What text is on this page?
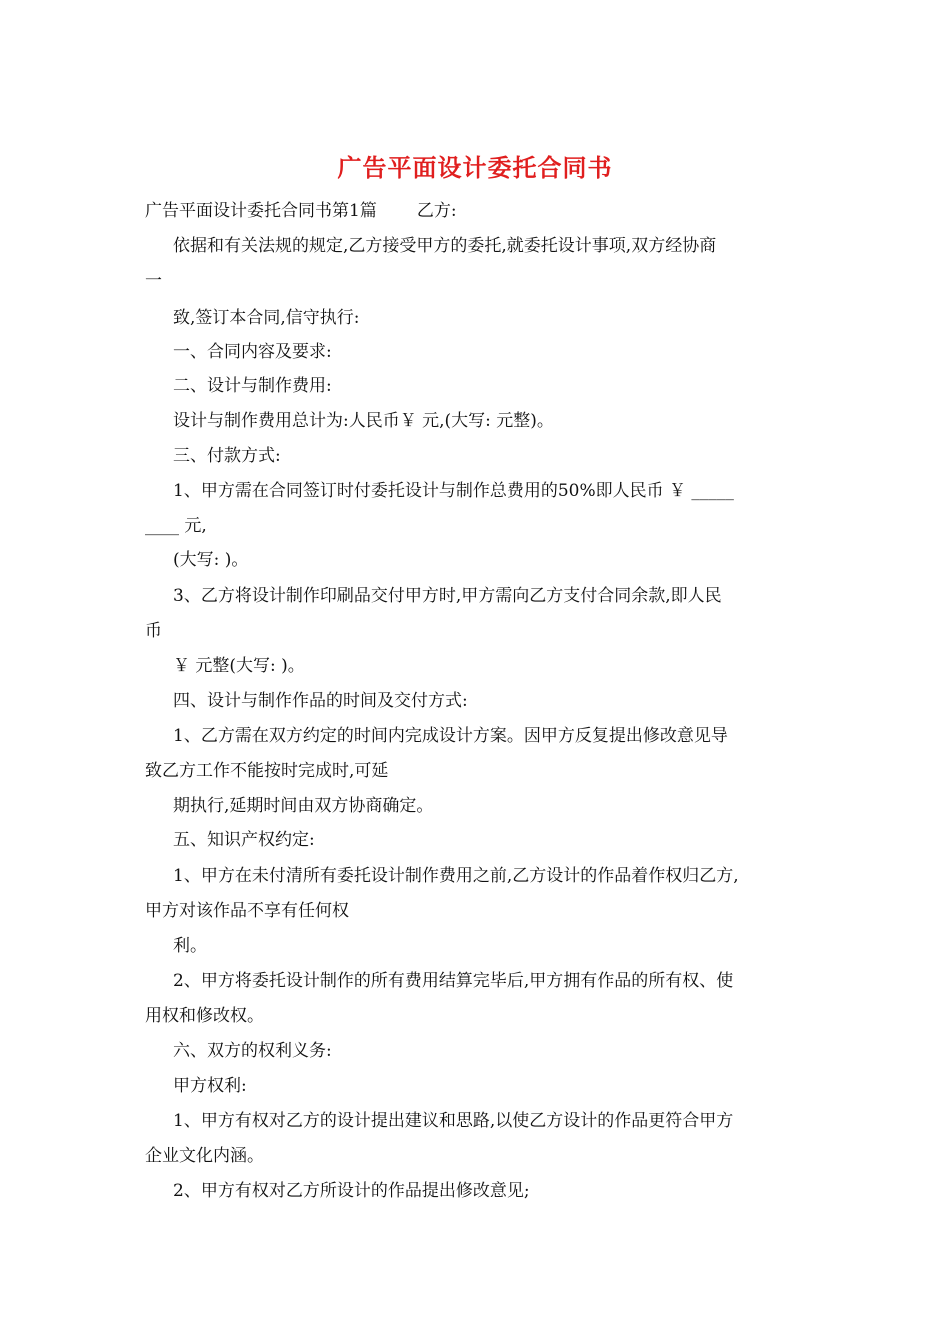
广告平面设计委托合同书
广告平面设计委托合同书第1篇 乙方:
依据和有关法规的规定,乙方接受甲方的委托,就委托设计事项,双方经协商
一
致,签订本合同,信守执行:
一、合同内容及要求:
二、设计与制作费用:
设计与制作费用总计为:人民币￥ 元,(大写: 元整)。
三、付款方式:
1、甲方需在合同签订时付委托设计与制作总费用的50%即人民币 ￥ _____
____ 元,
(大写: )。
3、乙方将设计制作印刷品交付甲方时,甲方需向乙方支付合同余款,即人民
币
￥ 元整(大写: )。
四、设计与制作作品的时间及交付方式:
1、乙方需在双方约定的时间内完成设计方案。因甲方反复提出修改意见导
致乙方工作不能按时完成时,可延
期执行,延期时间由双方协商确定。
五、知识产权约定:
1、甲方在未付清所有委托设计制作费用之前,乙方设计的作品着作权归乙方,
甲方对该作品不享有任何权
利。
2、甲方将委托设计制作的所有费用结算完毕后,甲方拥有作品的所有权、使
用权和修改权。
六、双方的权利义务:
甲方权利:
1、甲方有权对乙方的设计提出建议和思路,以使乙方设计的作品更符合甲方
企业文化内涵。
2、甲方有权对乙方所设计的作品提出修改意见;
